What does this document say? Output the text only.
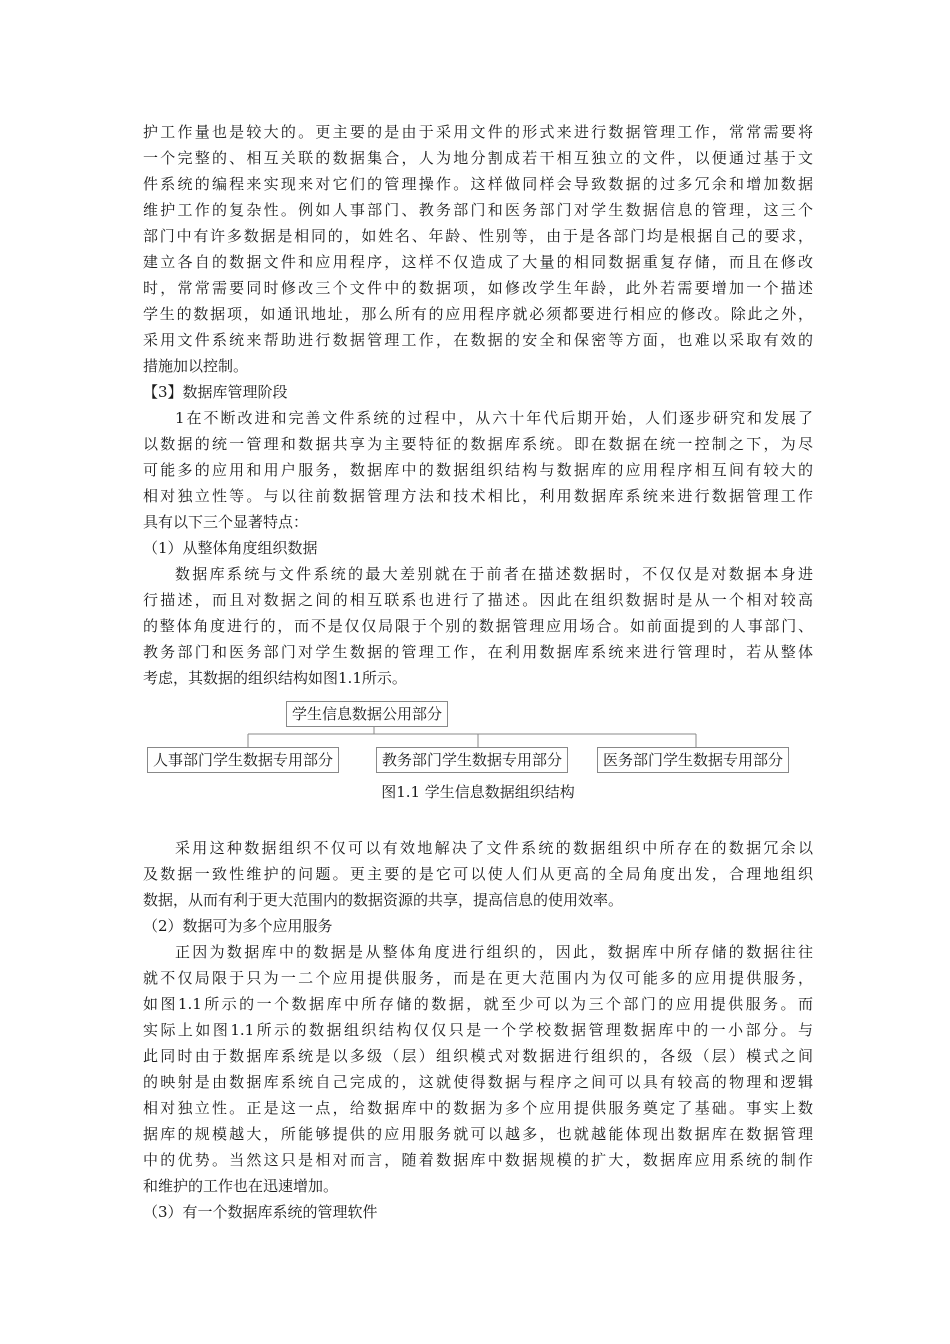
护工作量也是较大的。更主要的是由于采用文件的形式来进行数据管理工作，常常需要将
一个完整的、相互关联的数据集合，人为地分割成若干相互独立的文件，以便通过基于文
件系统的编程来实现来对它们的管理操作。这样做同样会导致数据的过多冗余和增加数据
维护工作的复杂性。例如人事部门、教务部门和医务部门对学生数据信息的管理，这三个
部门中有许多数据是相同的，如姓名、年龄、性别等，由于是各部门均是根据自己的要求，
建立各自的数据文件和应用程序，这样不仅造成了大量的相同数据重复存储，而且在修改
时，常常需要同时修改三个文件中的数据项，如修改学生年龄，此外若需要增加一个描述
学生的数据项，如通讯地址，那么所有的应用程序就必须都要进行相应的修改。除此之外，
采用文件系统来帮助进行数据管理工作，在数据的安全和保密等方面，也难以采取有效的
措施加以控制。
【3】数据库管理阶段
1在不断改进和完善文件系统的过程中，从六十年代后期开始，人们逐步研究和发展了
以数据的统一管理和数据共享为主要特征的数据库系统。即在数据在统一控制之下，为尽
可能多的应用和用户服务，数据库中的数据组织结构与数据库的应用程序相互间有较大的
相对独立性等。与以往前数据管理方法和技术相比，利用数据库系统来进行数据管理工作
具有以下三个显著特点：
（1）从整体角度组织数据
数据库系统与文件系统的最大差别就在于前者在描述数据时，不仅仅是对数据本身进
行描述，而且对数据之间的相互联系也进行了描述。因此在组织数据时是从一个相对较高
的整体角度进行的，而不是仅仅局限于个别的数据管理应用场合。如前面提到的人事部门、
教务部门和医务部门对学生数据的管理工作，在利用数据库系统来进行管理时，若从整体
考虑，其数据的组织结构如图1.1所示。
学生信息数据公用部分
人事部门学生数据专用部分	教务部门学生数据专用部分	医务部门学生数据专用部分
图1.1 学生信息数据组织结构
采用这种数据组织不仅可以有效地解决了文件系统的数据组织中所存在的数据冗余以
及数据一致性维护的问题。更主要的是它可以使人们从更高的全局角度出发，合理地组织
数据，从而有利于更大范围内的数据资源的共享，提高信息的使用效率。
（2）数据可为多个应用服务
正因为数据库中的数据是从整体角度进行组织的，因此，数据库中所存储的数据往往
就不仅局限于只为一二个应用提供服务，而是在更大范围内为仅可能多的应用提供服务，
如图1.1所示的一个数据库中所存储的数据，就至少可以为三个部门的应用提供服务。而
实际上如图1.1所示的数据组织结构仅仅只是一个学校数据管理数据库中的一小部分。与
此同时由于数据库系统是以多级（层）组织模式对数据进行组织的，各级（层）模式之间
的映射是由数据库系统自己完成的，这就使得数据与程序之间可以具有较高的物理和逻辑
相对独立性。正是这一点，给数据库中的数据为多个应用提供服务奠定了基础。事实上数
据库的规模越大，所能够提供的应用服务就可以越多，也就越能体现出数据库在数据管理
中的优势。当然这只是相对而言，随着数据库中数据规模的扩大，数据库应用系统的制作
和维护的工作也在迅速增加。
（3）有一个数据库系统的管理软件
